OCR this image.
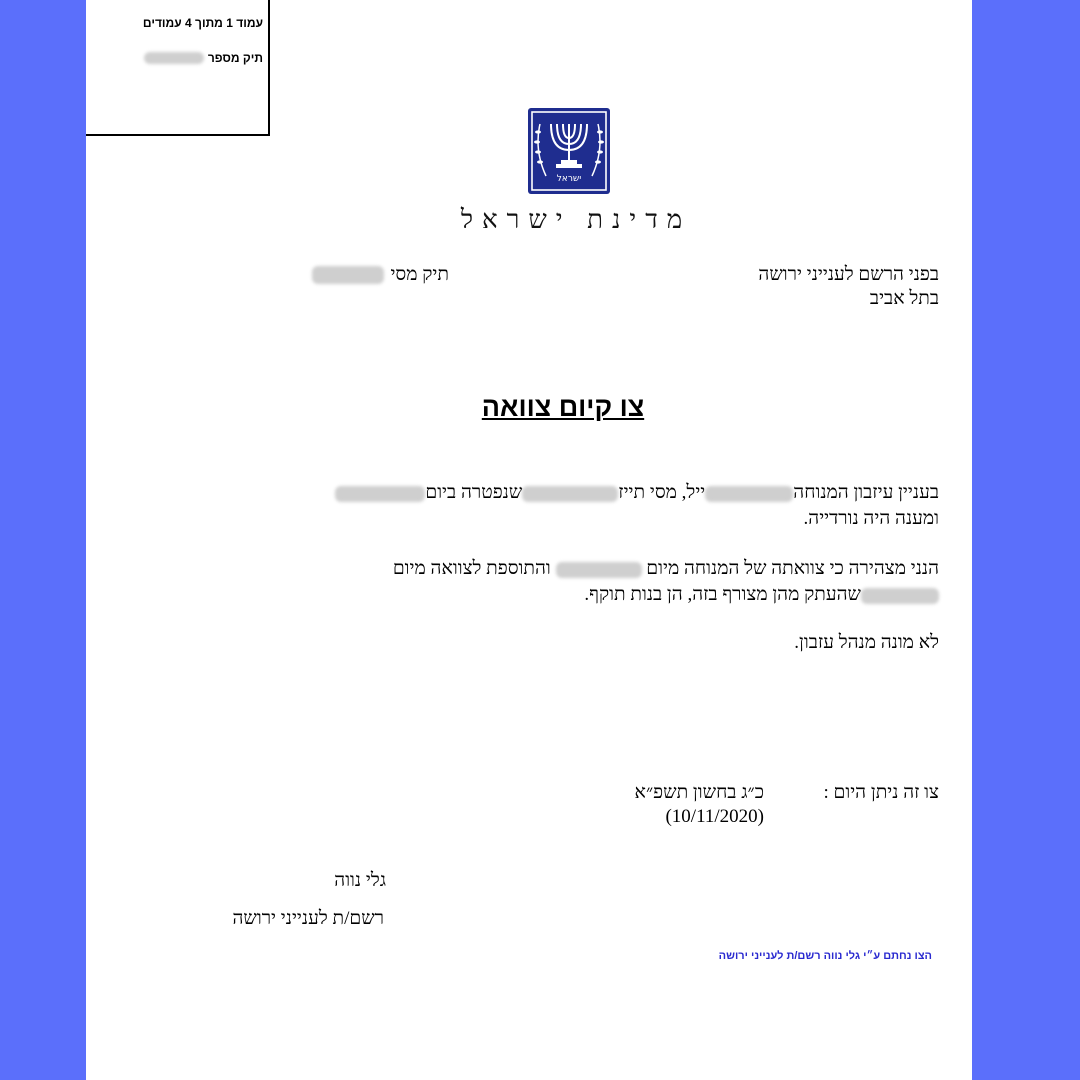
עמוד 1 מתוך 4 עמודים
תיק מספר
ישראל
מדינת ישראל
בפני הרשם לענייני ירושה
בתל אביב
תיק מסי
צו קיום צוואה
בעניין עיזבון המנוחהייל, מסי תייזשנפטרה ביום
ומענה היה נורדייה.
הנני מצהירה כי צוואתה של המנוחה מיום  והתוספת לצוואה מיום
שהעתק מהן מצורף בזה, הן בנות תוקף.
לא מונה מנהל עזבון.
צו זה ניתן היום :
כ״ג בחשון תשפ״א
(10/11/2020)
גלי נווה
רשם/ת לענייני ירושה
הצו נחתם ע״י גלי נווה רשם/ת לענייני ירושה
